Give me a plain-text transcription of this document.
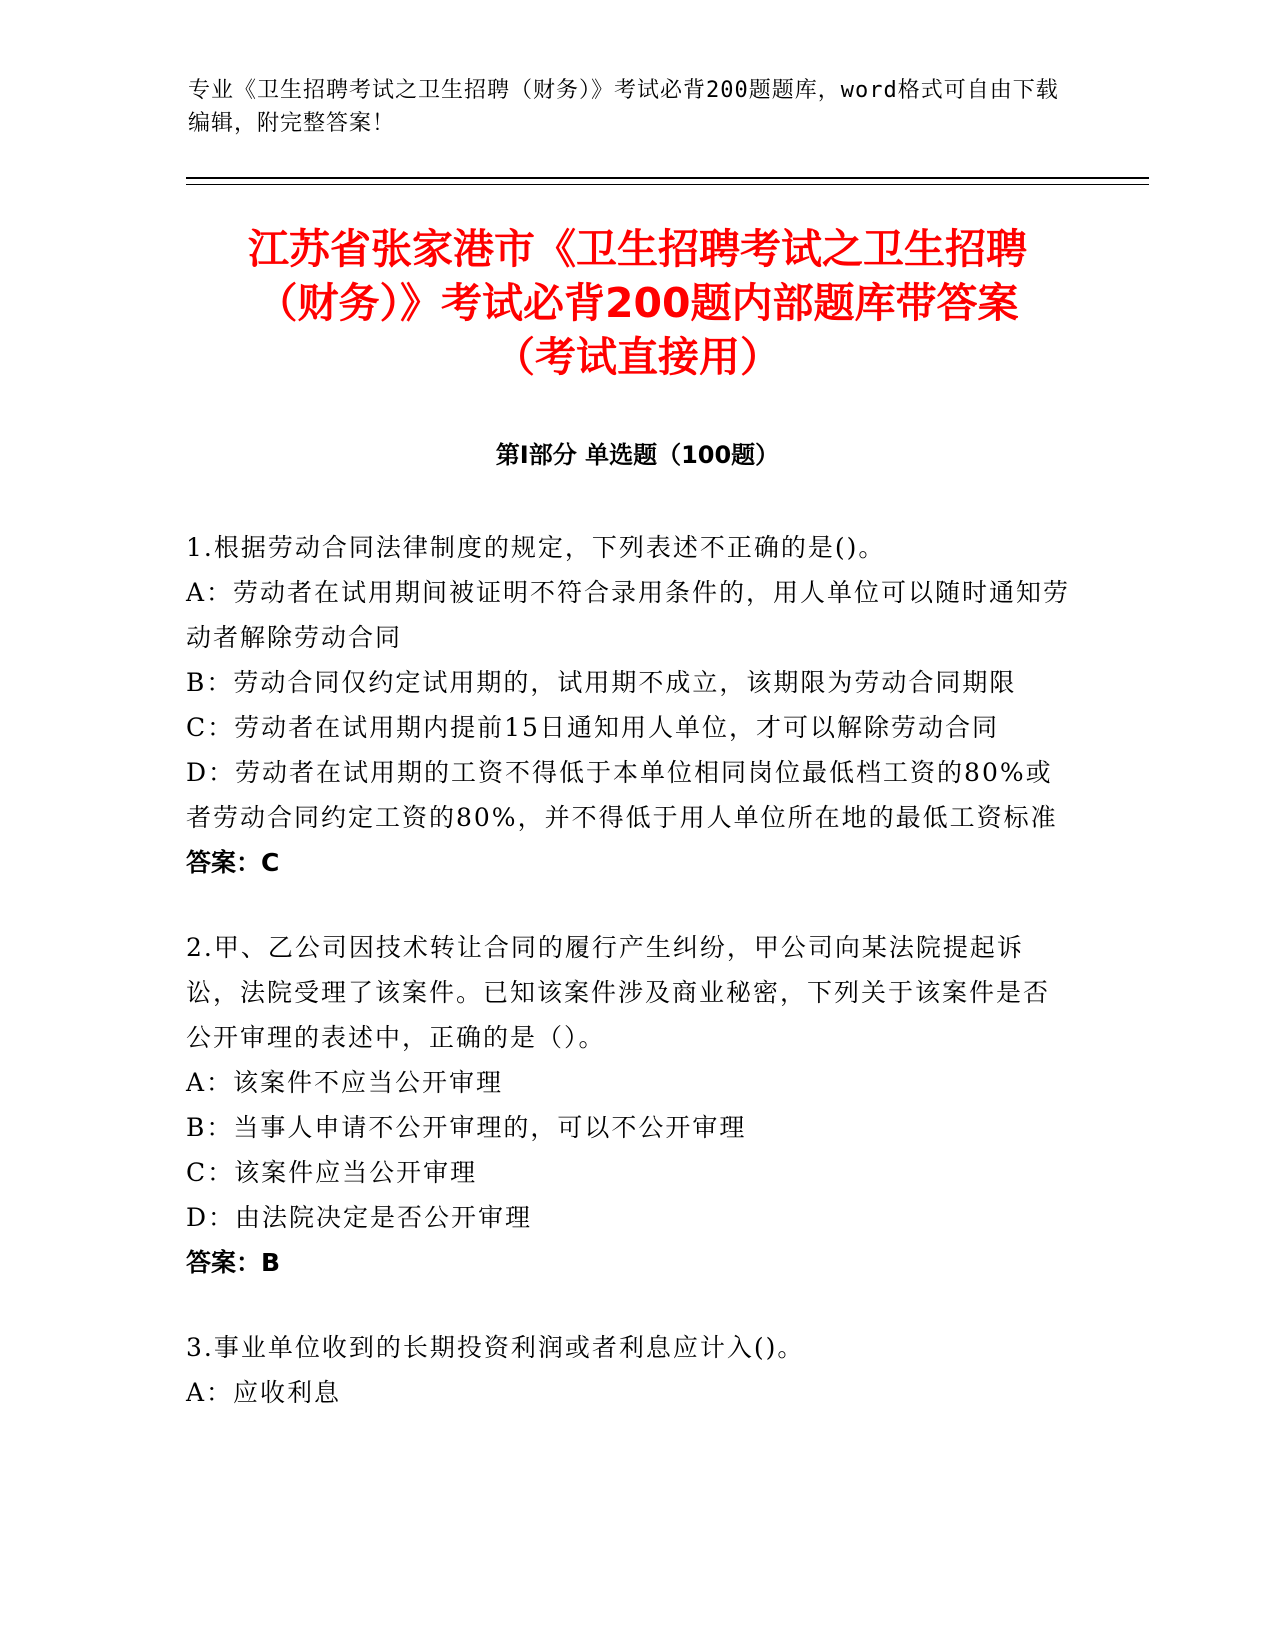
专业《卫生招聘考试之卫生招聘（财务）》考试必背200题题库，word格式可自由下载编辑，附完整答案！
江苏省张家港市《卫生招聘考试之卫生招聘
（财务）》考试必背200题内部题库带答案
（考试直接用）
第Ⅰ部分 单选题（100题）

1.根据劳动合同法律制度的规定，下列表述不正确的是()。

A：劳动者在试用期间被证明不符合录用条件的，用人单位可以随时通知劳动者解除劳动合同

B：劳动合同仅约定试用期的，试用期不成立，该期限为劳动合同期限

C：劳动者在试用期内提前15日通知用人单位，才可以解除劳动合同

D：劳动者在试用期的工资不得低于本单位相同岗位最低档工资的80%或者劳动合同约定工资的80%，并不得低于用人单位所在地的最低工资标准

答案：C

2.甲、乙公司因技术转让合同的履行产生纠纷，甲公司向某法院提起诉讼，法院受理了该案件。已知该案件涉及商业秘密，下列关于该案件是否公开审理的表述中，正确的是（）。

A：该案件不应当公开审理

B：当事人申请不公开审理的，可以不公开审理

C：该案件应当公开审理

D：由法院决定是否公开审理

答案：B

3.事业单位收到的长期投资利润或者利息应计入()。

A：应收利息
